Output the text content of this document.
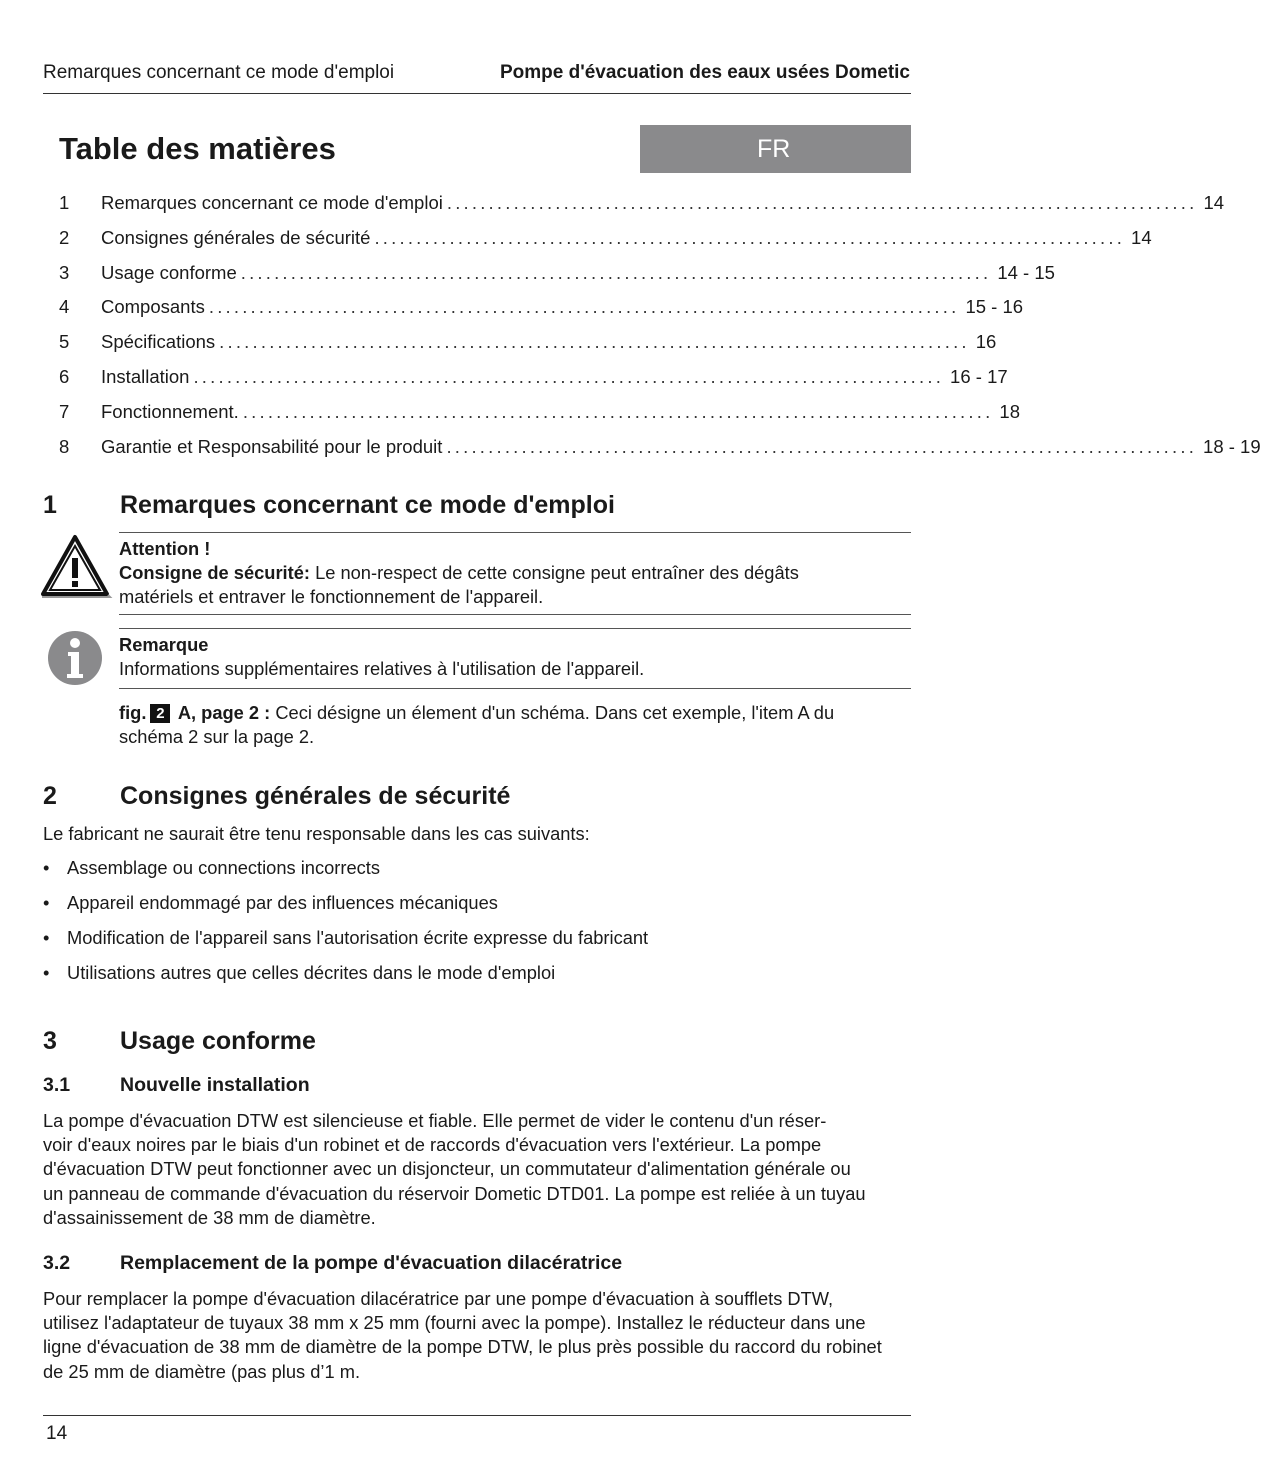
Remarques concernant ce mode d'emploi	Pompe d'évacuation des eaux usées Dometic
Table des matières	FR
1	Remarques concernant ce mode d'emploi .......................................................................................... 14
2	Consignes générales de sécurité .......................................................................................... 14
3	Usage conforme .......................................................................................... 14 - 15
4	Composants .......................................................................................... 15 - 16
5	Spécifications .......................................................................................... 16
6	Installation .......................................................................................... 16 - 17
7	Fonctionnement. .......................................................................................... 18
8	Garantie et Responsabilité pour le produit .......................................................................................... 18 - 19
1	Remarques concernant ce mode d'emploi
Attention !
Consigne de sécurité: Le non-respect de cette consigne peut entraîner des dégâts
matériels et entraver le fonctionnement de l'appareil.
Remarque
Informations supplémentaires relatives à l'utilisation de l'appareil.
fig. 2 A, page 2 : Ceci désigne un élement d'un schéma. Dans cet exemple, l'item A du
schéma 2 sur la page 2.
2	Consignes générales de sécurité
Le fabricant ne saurait être tenu responsable dans les cas suivants:
• Assemblage ou connections incorrects
• Appareil endommagé par des influences mécaniques
• Modification de l'appareil sans l'autorisation écrite expresse du fabricant
• Utilisations autres que celles décrites dans le mode d'emploi
3	Usage conforme
3.1	Nouvelle installation
La pompe d'évacuation DTW est silencieuse et fiable. Elle permet de vider le contenu d'un réser-
voir d'eaux noires par le biais d'un robinet et de raccords d'évacuation vers l'extérieur. La pompe
d'évacuation DTW peut fonctionner avec un disjoncteur, un commutateur d'alimentation générale ou
un panneau de commande d'évacuation du réservoir Dometic DTD01. La pompe est reliée à un tuyau
d'assainissement de 38 mm de diamètre.
3.2	Remplacement de la pompe d'évacuation dilacératrice
Pour remplacer la pompe d'évacuation dilacératrice par une pompe d'évacuation à soufflets DTW,
utilisez l'adaptateur de tuyaux 38 mm x 25 mm (fourni avec la pompe). Installez le réducteur dans une
ligne d'évacuation de 38 mm de diamètre de la pompe DTW, le plus près possible du raccord du robinet
de 25 mm de diamètre (pas plus d’1 m.
14
